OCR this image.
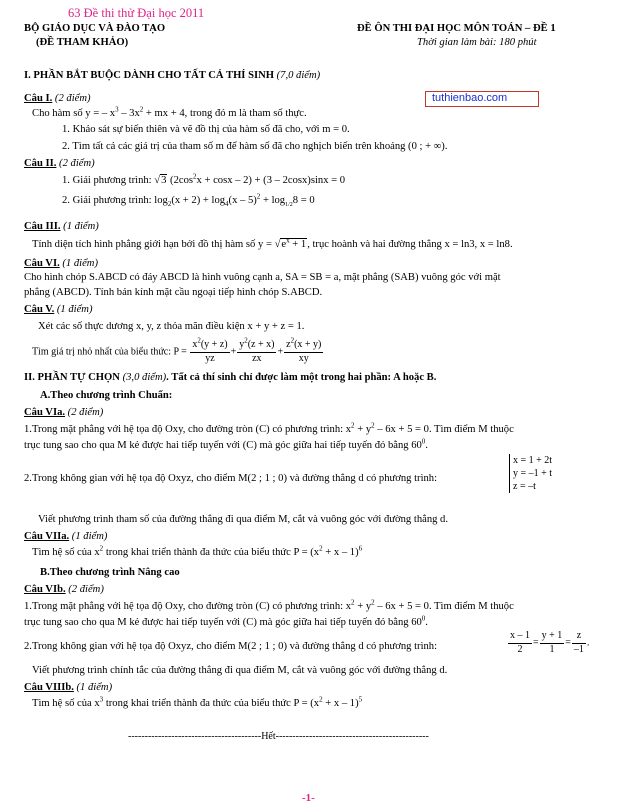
63 Đề thi thử Đại học 2011
BỘ GIÁO DỤC VÀ ĐÀO TẠO
(ĐỀ THAM KHẢO)
ĐỀ ÔN THI ĐẠI HỌC MÔN TOÁN – ĐỀ 1
Thời gian làm bài: 180 phút
I. PHẦN BẮT BUỘC DÀNH CHO TẤT CẢ THÍ SINH (7,0 điểm)
Câu I. (2 điểm)	tuthienbao.com
Cho hàm số y = – $x^3 - 3x^2$ + mx + 4, trong đó m là tham số thực.
1. Khảo sát sự biến thiên và vẽ đồ thị của hàm số đã cho, với m = 0.
2. Tìm tất cả các giá trị của tham số m để hàm số đã cho nghịch biến trên khoảng (0 ; + ∞).
Câu II. (2 điểm)
1. Giải phương trình: √3 $(2\cos^2x + \cos x - 2) + (3 - 2\cos x)\sin x = 0$
2. Giải phương trình: $\log_2(x + 2) + \log_4(x - 5)^2 + \log_{1/2}8 = 0$
Câu III. (1 điểm)
Tính diện tích hình phẳng giới hạn bởi đồ thị hàm số $y = √e^x + 1$, trục hoành và hai đường thẳng x = ln3, x = ln8.
Câu VI. (1 điểm)
Cho hình chóp S.ABCD có đáy ABCD là hình vuông cạnh a, SA = SB = a, mặt phẳng (SAB) vuông góc với mặt
phẳng (ABCD). Tính bán kính mặt cầu ngoại tiếp hình chóp S.ABCD.
Câu V. (1 điểm)
Xét các số thực dương x, y, z thỏa mãn điều kiện x + y + z = 1.
Tìm giá trị nhỏ nhất của biểu thức: $P = \frac{x^2(y + z)}{yz} + \frac{y^2(z + x)}{zx} + \frac{z^2(x + y)}{xy}$
II. PHẦN TỰ CHỌN (3,0 điểm). Tất cả thí sinh chỉ được làm một trong hai phần: A hoặc B.
A.Theo chương trình Chuẩn:
Câu VIa. (2 điểm)
1.Trong mặt phẳng với hệ tọa độ Oxy, cho đường tròn (C) có phương trình: $x^2 + y^2 - 6x + 5 = 0$. Tìm điểm M thuộc
trục tung sao cho qua M kẻ được hai tiếp tuyến với (C) mà góc giữa hai tiếp tuyến đó bằng $60^0$.
2.Trong không gian với hệ tọa độ Oxyz, cho điểm M(2 ; 1 ; 0) và đường thẳng d có phương trình:
x = 1 + 2t
y = –1 + t
z = –t
Viết phương trình tham số của đường thẳng đi qua điểm M, cắt và vuông góc với đường thẳng d.
Câu VIIa. (1 điểm)
Tìm hệ số của $x^2$ trong khai triển thành đa thức của biểu thức $P = (x^2 + x - 1)^6$
B.Theo chương trình Nâng cao
Câu VIb. (2 điểm)
1.Trong mặt phẳng với hệ tọa độ Oxy, cho đường tròn (C) có phương trình: $x^2 + y^2 - 6x + 5 = 0$. Tìm điểm M thuộc
trục tung sao cho qua M kẻ được hai tiếp tuyến với (C) mà góc giữa hai tiếp tuyến đó bằng $60^0$.
2.Trong không gian với hệ tọa độ Oxyz, cho điểm M(2 ; 1 ; 0) và đường thẳng d có phương trình:	$\frac{x - 1}{2} = \frac{y + 1}{1} = \frac{z}{-1}$ .
Viết phương trình chính tắc của đường thẳng đi qua điểm M, cắt và vuông góc với đường thẳng d.
Câu VIIIb. (1 điểm)
Tìm hệ số của $x^3$ trong khai triển thành đa thức của biểu thức $P = (x^2 + x - 1)^5$
----------------------------------------Hết----------------------------------------------
-1-
